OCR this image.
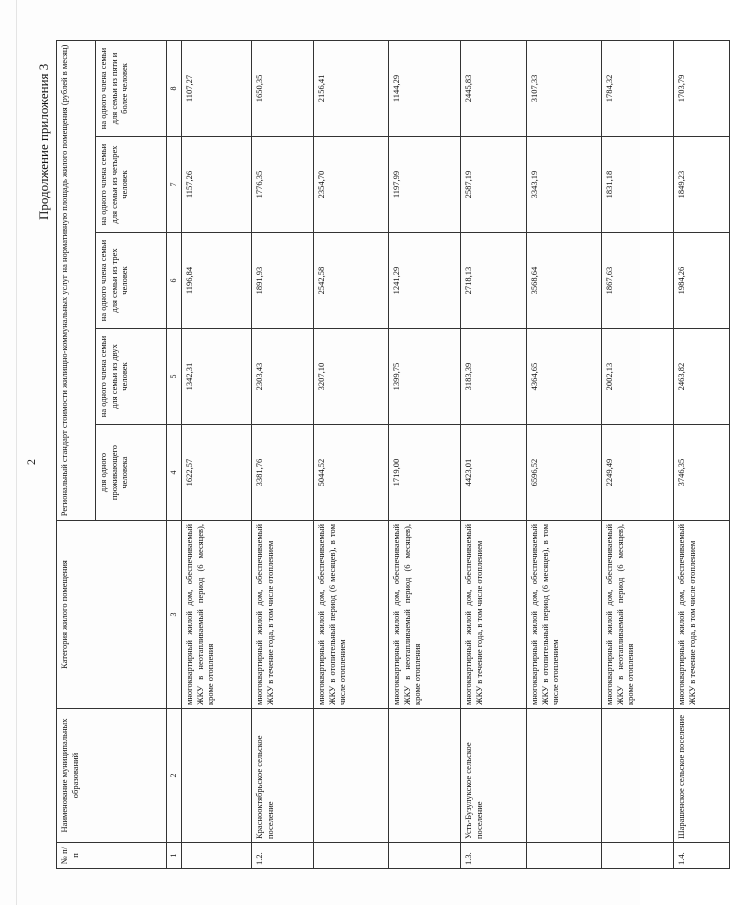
2
Продолжение приложения 3
№ п/п	Наименование муниципальных образований	Категория жилого помещения	Региональный стандарт стоимости жилищно-коммунальных услуг на нормативную площадь жилого помещения (рублей в месяц)				
			для одного проживающего человека	на одного члена семьи для семьи из двух человек	на одного члена семьи для семьи из трех человек	на одного члена семьи для семьи из четырех человек	на одного члена семьи для семьи из пяти и более человек
1	2	3	4	5	6	7	8
		многоквартирный жилой дом, обеспечиваемый ЖКУ в неотапливаемый период (6 месяцев), кроме отопления	1622,57	1342,31	1196,84	1157,26	1107,27
1.2.	Краснооктябрьское сельское поселение	многоквартирный жилой дом, обеспечиваемый ЖКУ в течение года, в том числе отоплением	3381,76	2303,43	1891,93	1776,35	1650,35
		многоквартирный жилой дом, обеспечиваемый ЖКУ в отопительный период (6 месяцев), в том числе отоплением	5044,52	3207,10	2542,58	2354,70	2156,41
		многоквартирный жилой дом, обеспечиваемый ЖКУ в неотапливаемый период (6 месяцев), кроме отопления	1719,00	1399,75	1241,29	1197,99	1144,29
1.3.	Усть-Бузулукское сельское поселение	многоквартирный жилой дом, обеспечиваемый ЖКУ в течение года, в том числе отоплением	4423,01	3183,39	2718,13	2587,19	2445,83
		многоквартирный жилой дом, обеспечиваемый ЖКУ в отопительный период (6 месяцев), в том числе отоплением	6596,52	4364,65	3568,64	3343,19	3107,33
		многоквартирный жилой дом, обеспечиваемый ЖКУ в неотапливаемый период (6 месяцев), кроме отопления	2249,49	2002,13	1867,63	1831,18	1784,32
1.4.	Шарашенское сельское поселение	многоквартирный жилой дом, обеспечиваемый ЖКУ в течение года, в том числе отоплением	3746,35	2463,82	1984,26	1849,23	1703,79
